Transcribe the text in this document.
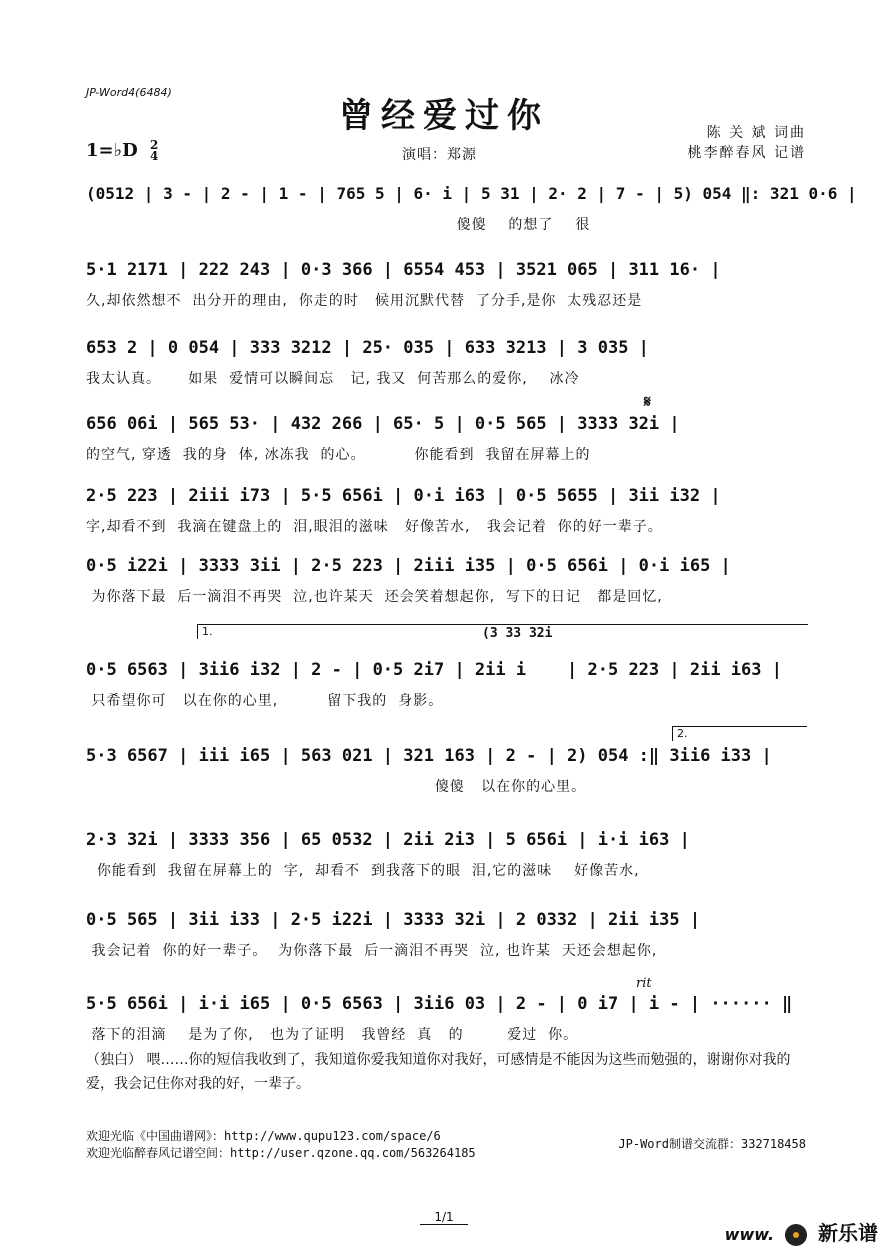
JP-Word4(6484)
曾经爱过你	陈 关 斌 词曲
桃李醉春风 记谱
1=♭D 2
4	演唱：郑源
1.	(3 33 32i
2.
𝄋
rit
(0512 | 3 - | 2 - | 1 - | 765 5 | 6· i | 5 31 | 2· 2 | 7 - | 5) 054 ‖: 321 0·6 |
傻傻    的想了    很
5·1 2171 | 222 243 | 0·3 366 | 6554 453 | 3521 065 | 311 16· |
久,却依然想不  出分开的理由,  你走的时   候用沉默代替  了分手,是你  太残忍还是
653 2 | 0 054 | 333 3212 | 25· 035 | 633 3213 | 3 035 |
我太认真。     如果  爱情可以瞬间忘   记, 我又  何苦那么的爱你,    冰冷
656 06i | 565 53· | 432 266 | 65· 5 | 0·5 565 | 3333 32i |
的空气, 穿透  我的身  体, 冰冻我  的心。         你能看到  我留在屏幕上的
2·5 223 | 2iii i73 | 5·5 656i | 0·i i63 | 0·5 5655 | 3ii i32 |
字,却看不到  我滴在键盘上的  泪,眼泪的滋味   好像苦水,   我会记着  你的好一辈子。
0·5 i22i | 3333 3ii | 2·5 223 | 2iii i35 | 0·5 656i | 0·i i65 |
为你落下最  后一滴泪不再哭  泣,也许某天  还会笑着想起你,  写下的日记   都是回忆,
0·5 6563 | 3ii6 i32 | 2 - | 0·5 2i7 | 2ii i    | 2·5 223 | 2ii i63 |
只希望你可   以在你的心里,         留下我的  身影。
5·3 6567 | iii i65 | 563 021 | 321 163 | 2 - | 2) 054 :‖ 3ii6 i33 |
傻傻   以在你的心里。
2·3 32i | 3333 356 | 65 0532 | 2ii 2i3 | 5 656i | i·i i63 |
你能看到  我留在屏幕上的  字,  却看不  到我落下的眼  泪,它的滋味    好像苦水,
0·5 565 | 3ii i33 | 2·5 i22i | 3333 32i | 2 0332 | 2ii i35 |
我会记着  你的好一辈子。  为你落下最  后一滴泪不再哭  泣, 也许某  天还会想起你,
5·5 656i | i·i i65 | 0·5 6563 | 3ii6 03 | 2 - | 0 i7 | i - | ······ ‖
落下的泪滴    是为了你,   也为了证明   我曾经  真   的        爱过  你。
（独白） 喂……你的短信我收到了，我知道你爱我知道你对我好，可感情是不能因为这些而勉强的，谢谢你对我的爱，我会记住你对我的好，一辈子。
欢迎光临《中国曲谱网》：http://www.qupu123.com/space/6
欢迎光临醉春风记谱空间：http://user.qzone.qq.com/563264185
JP-Word制谱交流群：332718458
1/1
www. 新乐谱
